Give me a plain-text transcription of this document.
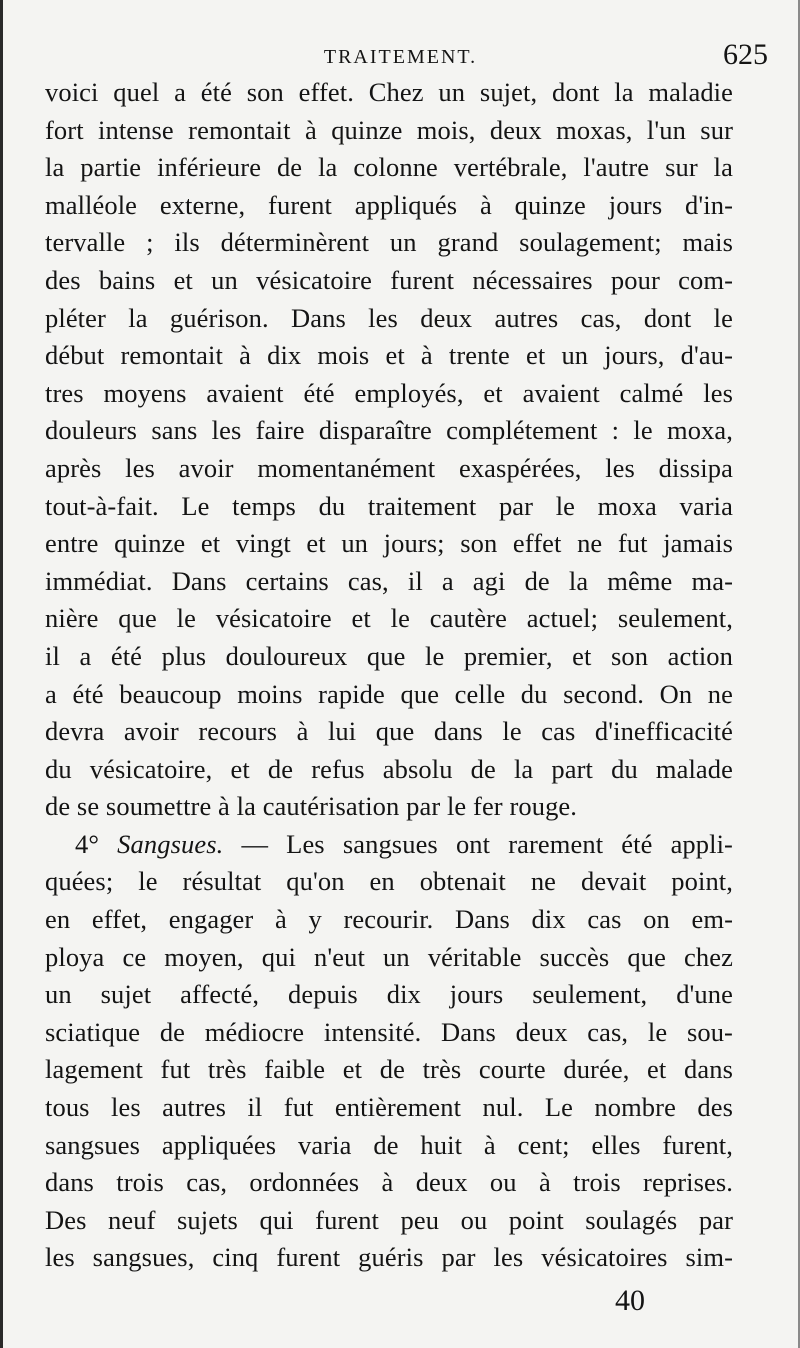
TRAITEMENT.	625
voici quel a été son effet. Chez un sujet, dont la maladie
fort intense remontait à quinze mois, deux moxas, l'un sur
la partie inférieure de la colonne vertébrale, l'autre sur la
malléole externe, furent appliqués à quinze jours d'in-
tervalle ; ils déterminèrent un grand soulagement; mais
des bains et un vésicatoire furent nécessaires pour com-
pléter la guérison. Dans les deux autres cas, dont le
début remontait à dix mois et à trente et un jours, d'au-
tres moyens avaient été employés, et avaient calmé les
douleurs sans les faire disparaître complétement : le moxa,
après les avoir momentanément exaspérées, les dissipa
tout-à-fait. Le temps du traitement par le moxa varia
entre quinze et vingt et un jours; son effet ne fut jamais
immédiat. Dans certains cas, il a agi de la même ma-
nière que le vésicatoire et le cautère actuel; seulement,
il a été plus douloureux que le premier, et son action
a été beaucoup moins rapide que celle du second. On ne
devra avoir recours à lui que dans le cas d'inefficacité
du vésicatoire, et de refus absolu de la part du malade
de se soumettre à la cautérisation par le fer rouge.
4° Sangsues. — Les sangsues ont rarement été appli-
quées; le résultat qu'on en obtenait ne devait point,
en effet, engager à y recourir. Dans dix cas on em-
ploya ce moyen, qui n'eut un véritable succès que chez
un sujet affecté, depuis dix jours seulement, d'une
sciatique de médiocre intensité. Dans deux cas, le sou-
lagement fut très faible et de très courte durée, et dans
tous les autres il fut entièrement nul. Le nombre des
sangsues appliquées varia de huit à cent; elles furent,
dans trois cas, ordonnées à deux ou à trois reprises.
Des neuf sujets qui furent peu ou point soulagés par
les sangsues, cinq furent guéris par les vésicatoires sim-
40
